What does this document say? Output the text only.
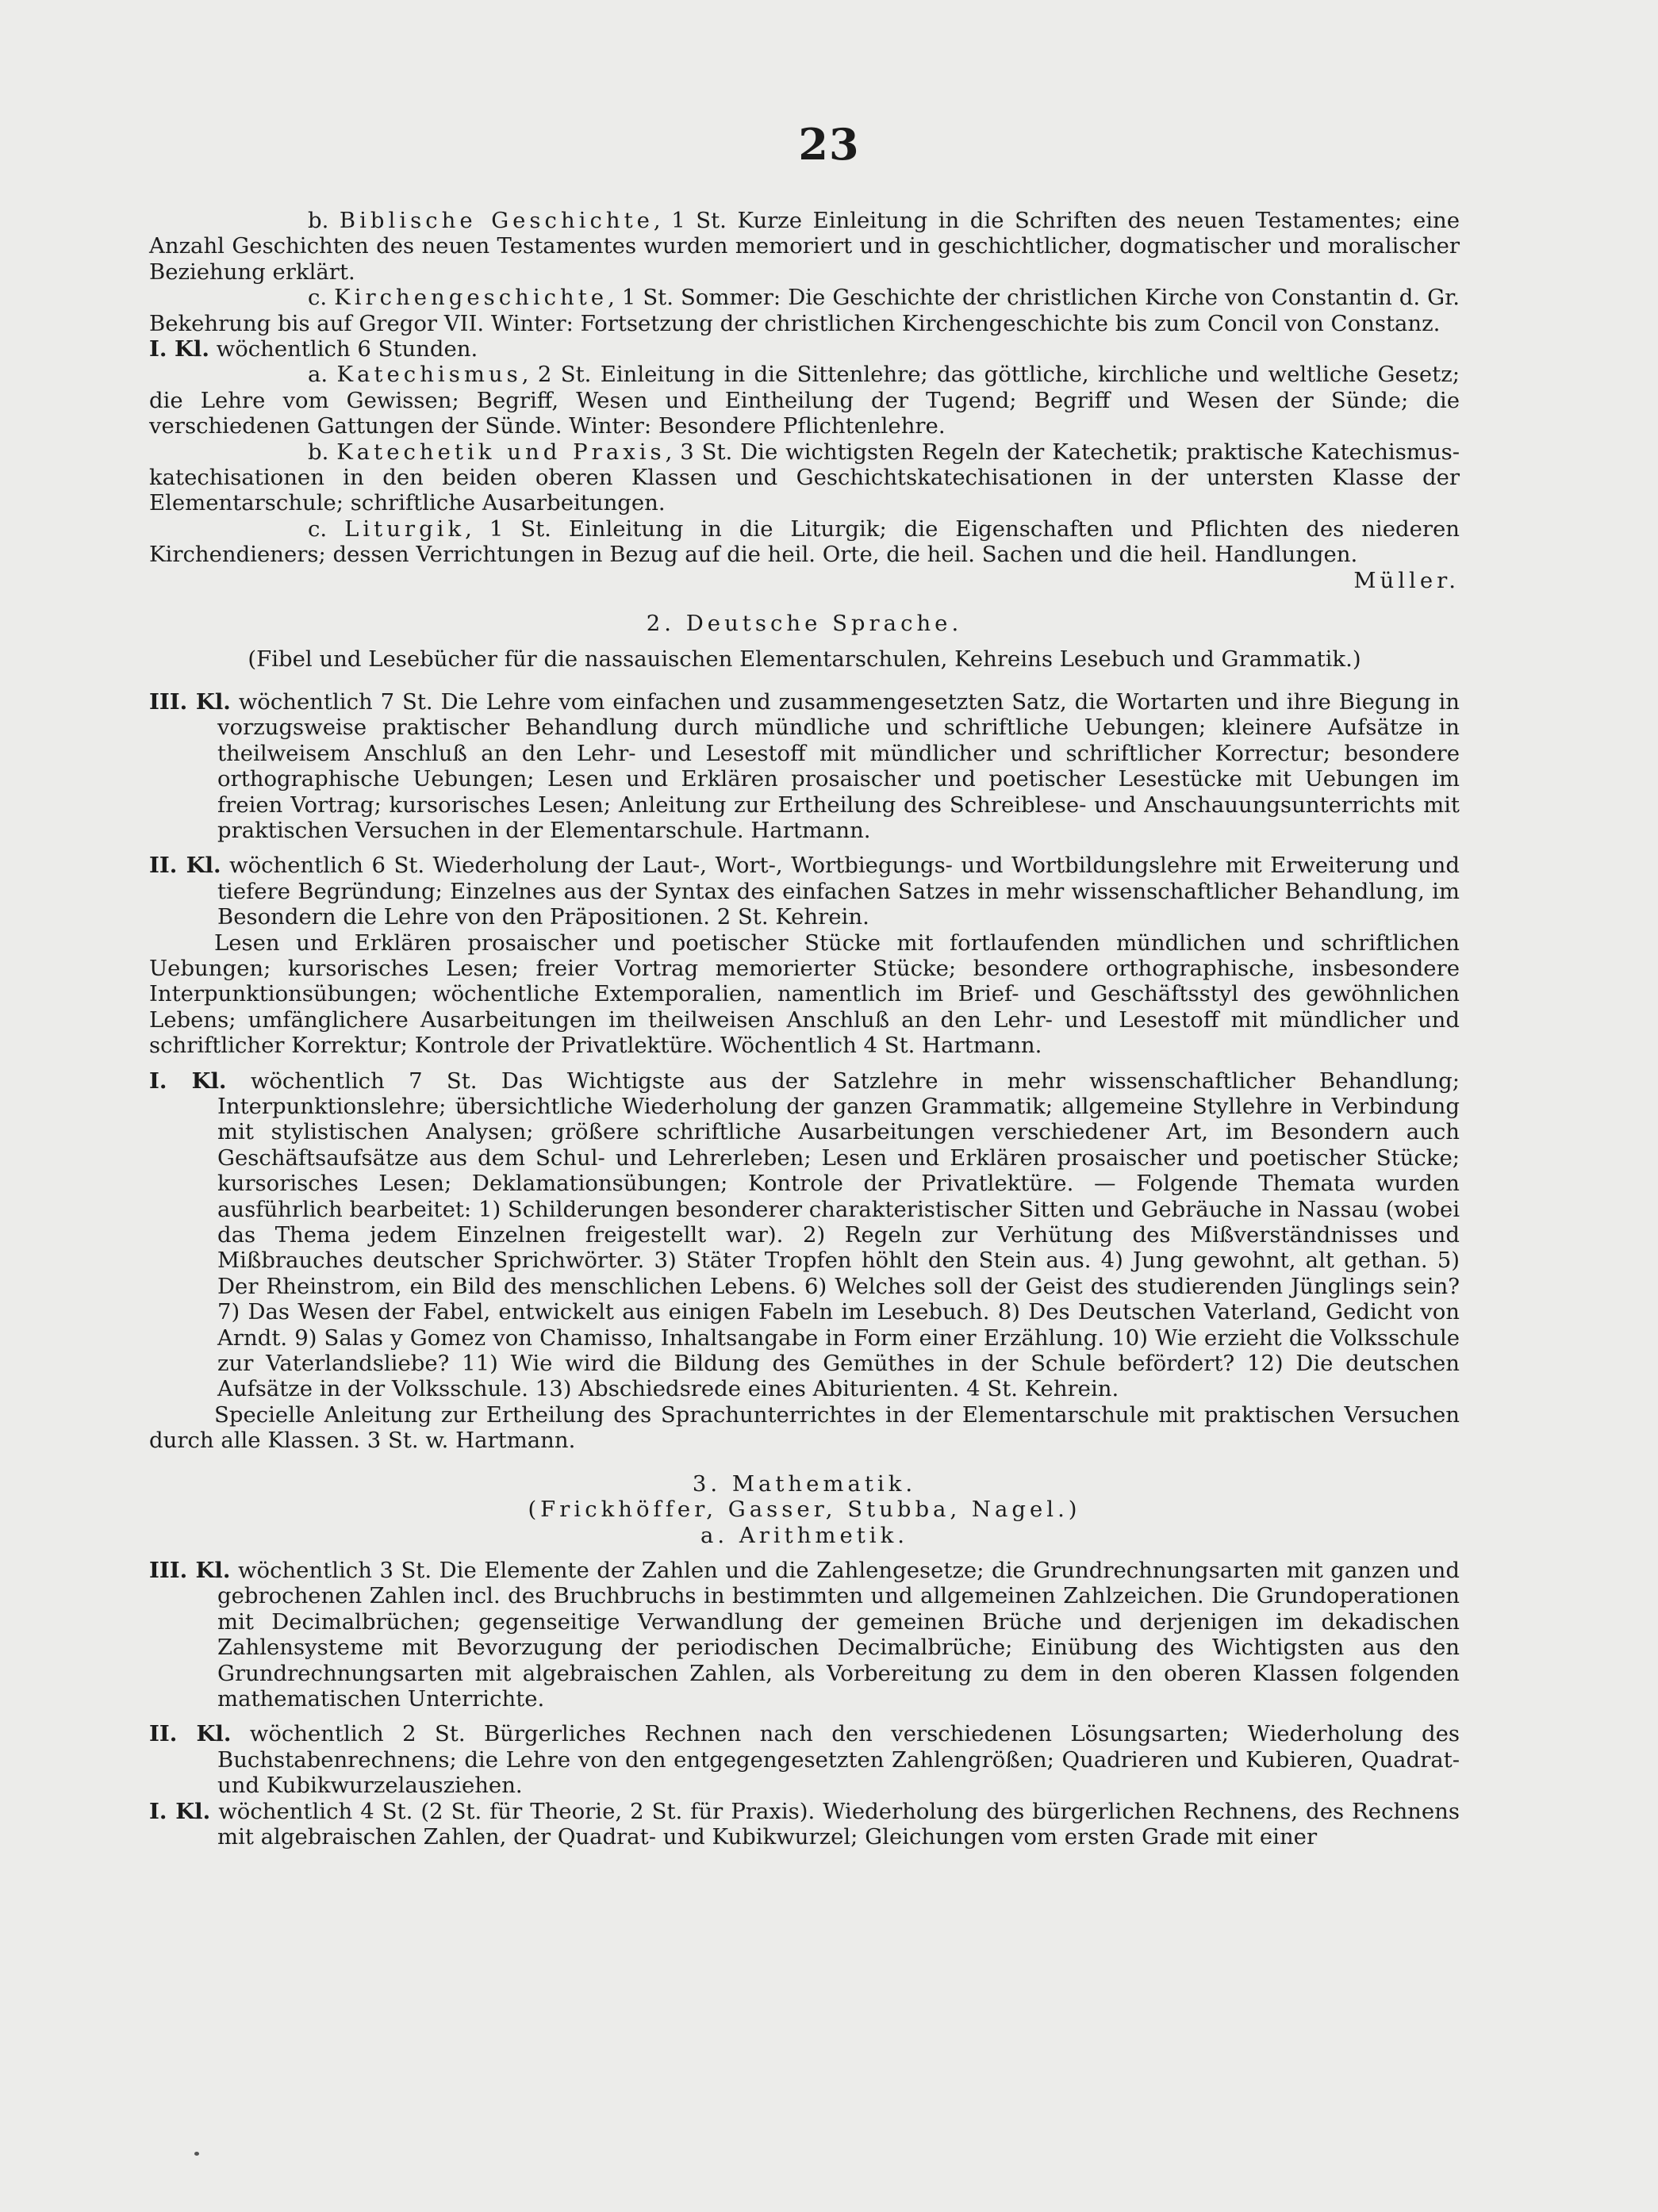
23

b. Biblische Geschichte, 1 St. Kurze Einleitung in die Schriften des neuen Testamentes; eine Anzahl Geschichten des neuen Testamentes wurden memoriert und in geschichtlicher, dogmatischer und moralischer Beziehung erklärt.

c. Kirchengeschichte, 1 St. Sommer: Die Geschichte der christlichen Kirche von Constantin d. Gr. Bekehrung bis auf Gregor VII. Winter: Fortsetzung der christlichen Kirchengeschichte bis zum Concil von Constanz.

I. Kl. wöchentlich 6 Stunden.

a. Katechismus, 2 St. Einleitung in die Sittenlehre; das göttliche, kirchliche und weltliche Gesetz; die Lehre vom Gewissen; Begriff, Wesen und Eintheilung der Tugend; Begriff und Wesen der Sünde; die verschiedenen Gattungen der Sünde. Winter: Besondere Pflichtenlehre.

b. Katechetik und Praxis, 3 St. Die wichtigsten Regeln der Katechetik; praktische Katechismus-katechisationen in den beiden oberen Klassen und Geschichtskatechisationen in der untersten Klasse der Elementarschule; schriftliche Ausarbeitungen.

c. Liturgik, 1 St. Einleitung in die Liturgik; die Eigenschaften und Pflichten des niederen Kirchendieners; dessen Verrichtungen in Bezug auf die heil. Orte, die heil. Sachen und die heil. Handlungen.

Müller.

2. Deutsche Sprache.

(Fibel und Lesebücher für die nassauischen Elementarschulen, Kehreins Lesebuch und Grammatik.)

III. Kl. wöchentlich 7 St. Die Lehre vom einfachen und zusammengesetzten Satz, die Wortarten und ihre Biegung in vorzugsweise praktischer Behandlung durch mündliche und schriftliche Uebungen; kleinere Aufsätze in theilweisem Anschluß an den Lehr- und Lesestoff mit mündlicher und schriftlicher Korrectur; besondere orthographische Uebungen; Lesen und Erklären prosaischer und poetischer Lesestücke mit Uebungen im freien Vortrag; kursorisches Lesen; Anleitung zur Ertheilung des Schreiblese- und Anschauungsunterrichts mit praktischen Versuchen in der Elementarschule. Hartmann.

II. Kl. wöchentlich 6 St. Wiederholung der Laut-, Wort-, Wortbiegungs- und Wortbildungslehre mit Erweiterung und tiefere Begründung; Einzelnes aus der Syntax des einfachen Satzes in mehr wissenschaftlicher Behandlung, im Besondern die Lehre von den Präpositionen. 2 St. Kehrein.

Lesen und Erklären prosaischer und poetischer Stücke mit fortlaufenden mündlichen und schriftlichen Uebungen; kursorisches Lesen; freier Vortrag memorierter Stücke; besondere orthographische, insbesondere Interpunktionsübungen; wöchentliche Extemporalien, namentlich im Brief- und Geschäftsstyl des gewöhnlichen Lebens; umfänglichere Ausarbeitungen im theilweisen Anschluß an den Lehr- und Lesestoff mit mündlicher und schriftlicher Korrektur; Kontrole der Privatlektüre. Wöchentlich 4 St. Hartmann.

I. Kl. wöchentlich 7 St. Das Wichtigste aus der Satzlehre in mehr wissenschaftlicher Behandlung; Interpunktionslehre; übersichtliche Wiederholung der ganzen Grammatik; allgemeine Styllehre in Verbindung mit stylistischen Analysen; größere schriftliche Ausarbeitungen verschiedener Art, im Besondern auch Geschäftsaufsätze aus dem Schul- und Lehrerleben; Lesen und Erklären prosaischer und poetischer Stücke; kursorisches Lesen; Deklamationsübungen; Kontrole der Privatlektüre. — Folgende Themata wurden ausführlich bearbeitet: 1) Schilderungen besonderer charakteristischer Sitten und Gebräuche in Nassau (wobei das Thema jedem Einzelnen freigestellt war). 2) Regeln zur Verhütung des Mißverständnisses und Mißbrauches deutscher Sprichwörter. 3) Stäter Tropfen höhlt den Stein aus. 4) Jung gewohnt, alt gethan. 5) Der Rheinstrom, ein Bild des menschlichen Lebens. 6) Welches soll der Geist des studierenden Jünglings sein? 7) Das Wesen der Fabel, entwickelt aus einigen Fabeln im Lesebuch. 8) Des Deutschen Vaterland, Gedicht von Arndt. 9) Salas y Gomez von Chamisso, Inhaltsangabe in Form einer Erzählung. 10) Wie erzieht die Volksschule zur Vaterlandsliebe? 11) Wie wird die Bildung des Gemüthes in der Schule befördert? 12) Die deutschen Aufsätze in der Volksschule. 13) Abschiedsrede eines Abiturienten. 4 St. Kehrein.

Specielle Anleitung zur Ertheilung des Sprachunterrichtes in der Elementarschule mit praktischen Versuchen durch alle Klassen. 3 St. w. Hartmann.

3. Mathematik.

(Frickhöffer, Gasser, Stubba, Nagel.)

a. Arithmetik.

III. Kl. wöchentlich 3 St. Die Elemente der Zahlen und die Zahlengesetze; die Grundrechnungsarten mit ganzen und gebrochenen Zahlen incl. des Bruchbruchs in bestimmten und allgemeinen Zahlzeichen. Die Grundoperationen mit Decimalbrüchen; gegenseitige Verwandlung der gemeinen Brüche und derjenigen im dekadischen Zahlensysteme mit Bevorzugung der periodischen Decimalbrüche; Einübung des Wichtigsten aus den Grundrechnungsarten mit algebraischen Zahlen, als Vorbereitung zu dem in den oberen Klassen folgenden mathematischen Unterrichte.

II. Kl. wöchentlich 2 St. Bürgerliches Rechnen nach den verschiedenen Lösungsarten; Wiederholung des Buchstabenrechnens; die Lehre von den entgegengesetzten Zahlengrößen; Quadrieren und Kubieren, Quadrat- und Kubikwurzelausziehen.

I. Kl. wöchentlich 4 St. (2 St. für Theorie, 2 St. für Praxis). Wiederholung des bürgerlichen Rechnens, des Rechnens mit algebraischen Zahlen, der Quadrat- und Kubikwurzel; Gleichungen vom ersten Grade mit einer
